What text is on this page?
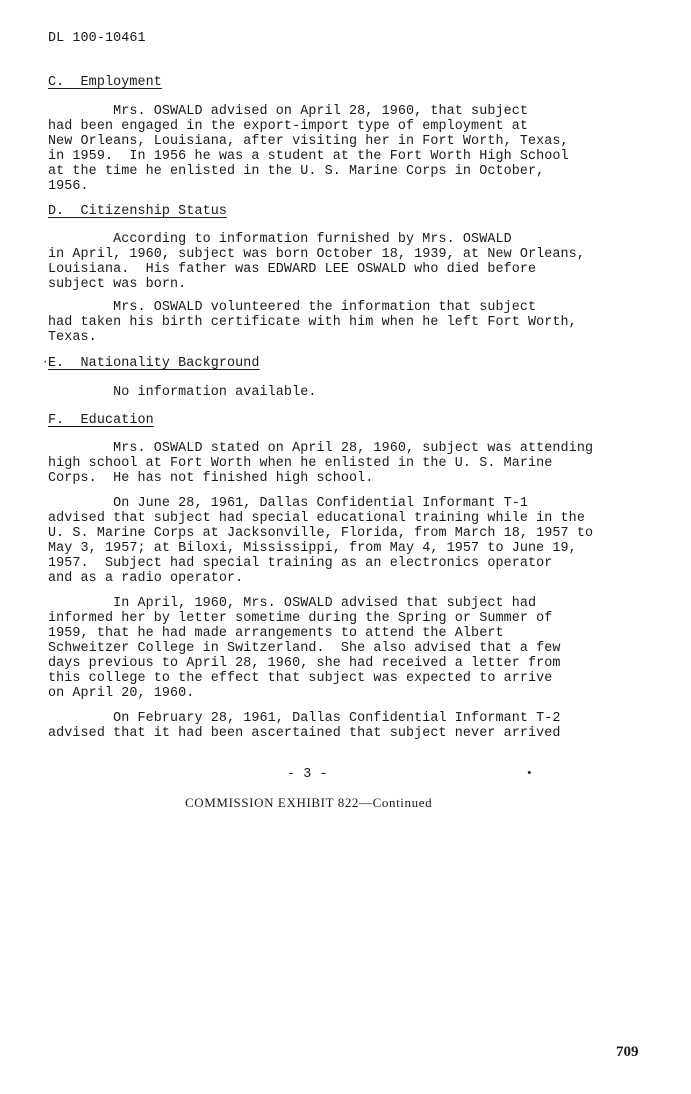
DL 100-10461
C.  Employment
Mrs. OSWALD advised on April 28, 1960, that subject
had been engaged in the export-import type of employment at
New Orleans, Louisiana, after visiting her in Fort Worth, Texas,
in 1959.  In 1956 he was a student at the Fort Worth High School
at the time he enlisted in the U. S. Marine Corps in October,
1956.
D.  Citizenship Status
According to information furnished by Mrs. OSWALD
in April, 1960, subject was born October 18, 1939, at New Orleans,
Louisiana.  His father was EDWARD LEE OSWALD who died before
subject was born.
Mrs. OSWALD volunteered the information that subject
had taken his birth certificate with him when he left Fort Worth,
Texas.
· E.  Nationality Background
No information available.
F.  Education
Mrs. OSWALD stated on April 28, 1960, subject was attending
high school at Fort Worth when he enlisted in the U. S. Marine
Corps.  He has not finished high school.
On June 28, 1961, Dallas Confidential Informant T-1
advised that subject had special educational training while in the
U. S. Marine Corps at Jacksonville, Florida, from March 18, 1957 to
May 3, 1957; at Biloxi, Mississippi, from May 4, 1957 to June 19,
1957.  Subject had special training as an electronics operator
and as a radio operator.
In April, 1960, Mrs. OSWALD advised that subject had
informed her by letter sometime during the Spring or Summer of
1959, that he had made arrangements to attend the Albert
Schweitzer College in Switzerland.  She also advised that a few
days previous to April 28, 1960, she had received a letter from
this college to the effect that subject was expected to arrive
on April 20, 1960.
On February 28, 1961, Dallas Confidential Informant T-2
advised that it had been ascertained that subject never arrived
- 3 -	•
COMMISSION EXHIBIT 822—Continued
709
